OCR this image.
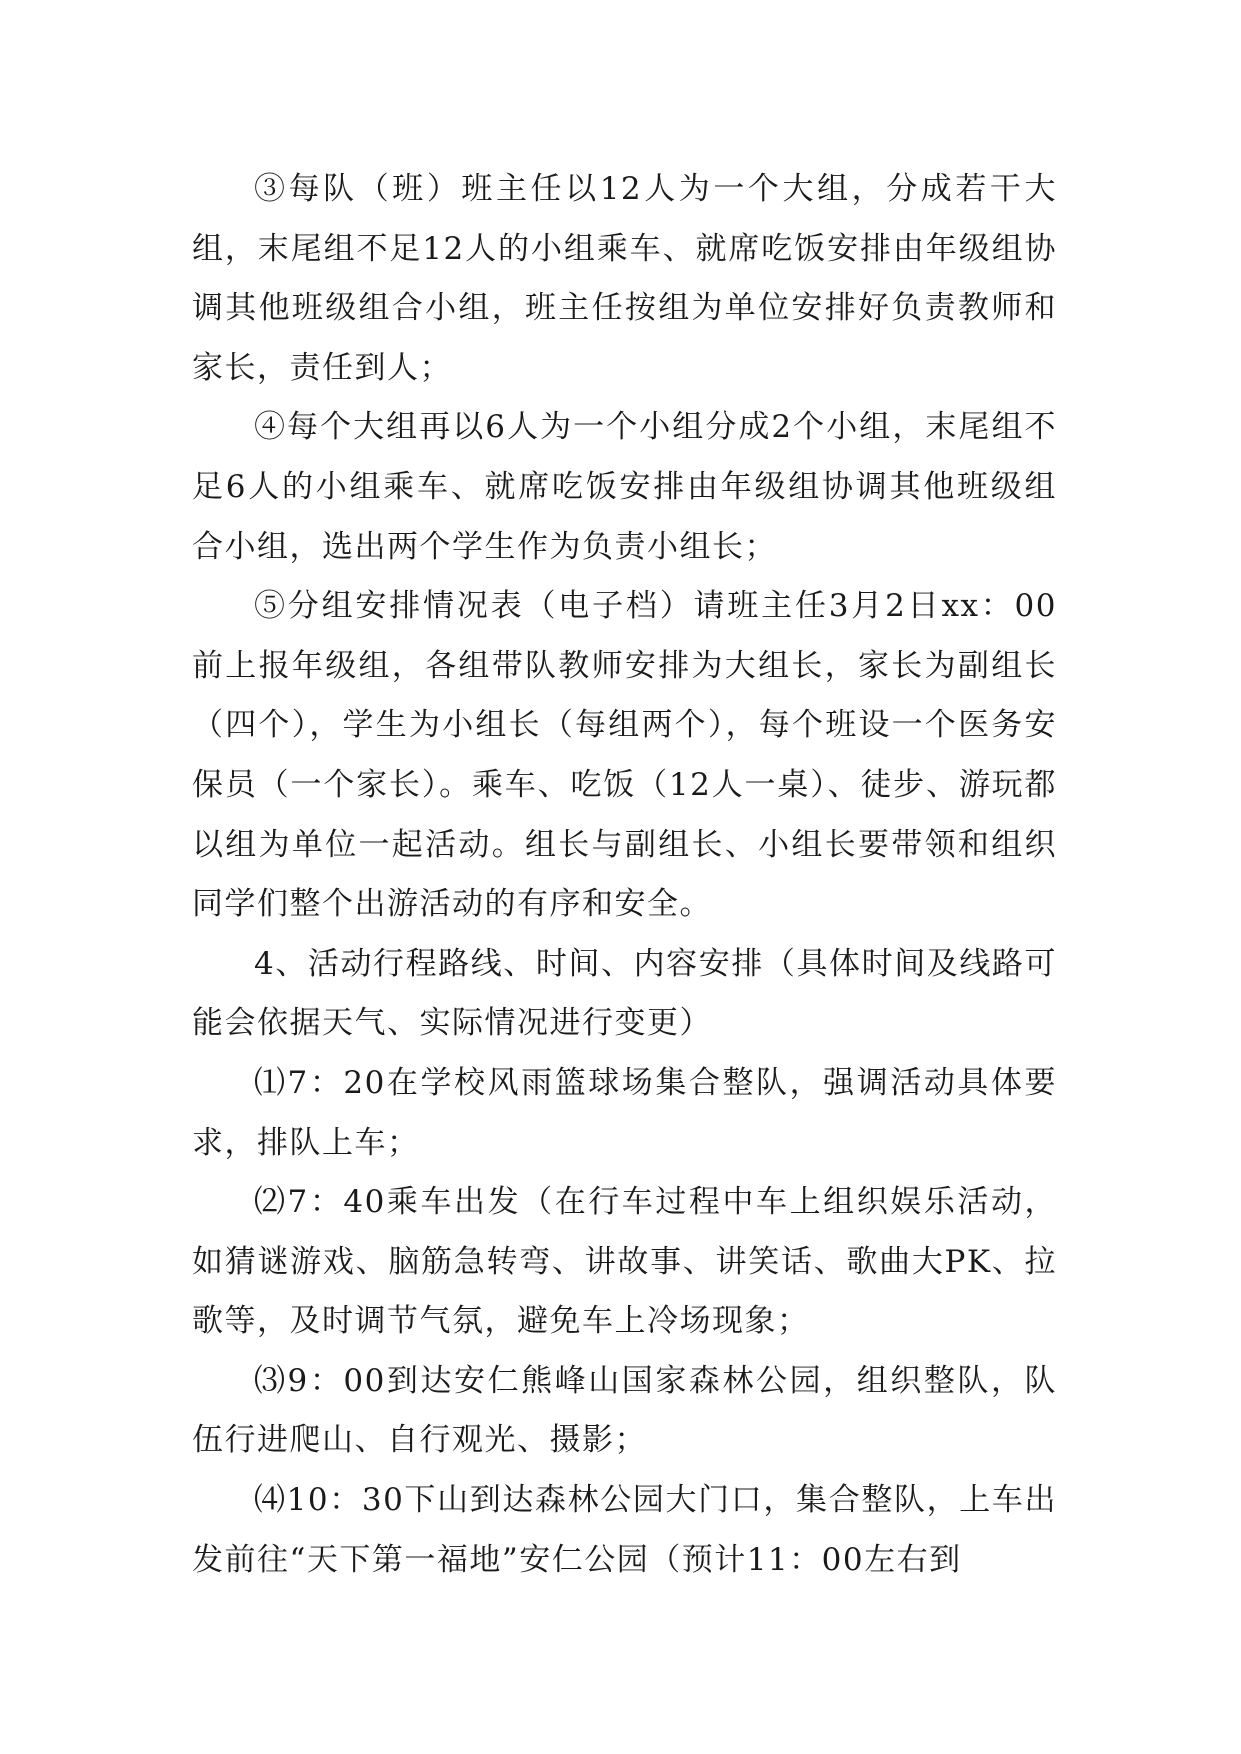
③每队（班）班主任以12人为一个大组，分成若干大组，末尾组不足12人的小组乘车、就席吃饭安排由年级组协调其他班级组合小组，班主任按组为单位安排好负责教师和家长，责任到人；

④每个大组再以6人为一个小组分成2个小组，末尾组不足6人的小组乘车、就席吃饭安排由年级组协调其他班级组合小组，选出两个学生作为负责小组长；

⑤分组安排情况表（电子档）请班主任3月2日xx：00前上报年级组，各组带队教师安排为大组长，家长为副组长（四个），学生为小组长（每组两个），每个班设一个医务安保员（一个家长）。乘车、吃饭（12人一桌）、徒步、游玩都以组为单位一起活动。组长与副组长、小组长要带领和组织同学们整个出游活动的有序和安全。

4、活动行程路线、时间、内容安排（具体时间及线路可能会依据天气、实际情况进行变更）

⑴7：20在学校风雨篮球场集合整队，强调活动具体要求，排队上车；

⑵7：40乘车出发（在行车过程中车上组织娱乐活动，如猜谜游戏、脑筋急转弯、讲故事、讲笑话、歌曲大PK、拉歌等，及时调节气氛，避免车上冷场现象；

⑶9：00到达安仁熊峰山国家森林公园，组织整队，队伍行进爬山、自行观光、摄影；

⑷10：30下山到达森林公园大门口，集合整队，上车出发前往“天下第一福地”安仁公园（预计11：00左右到
